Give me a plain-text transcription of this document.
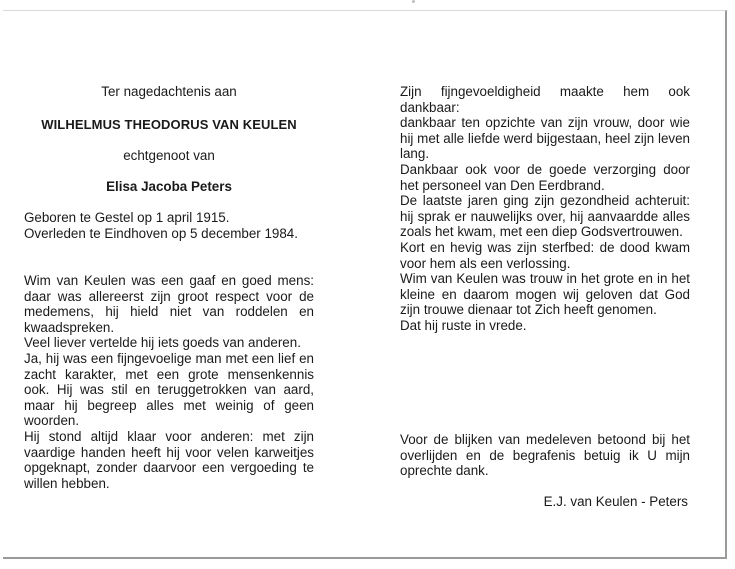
Ter nagedachtenis aan
WILHELMUS THEODORUS VAN KEULEN
echtgenoot van
Elisa Jacoba Peters

Geboren te Gestel op 1 april 1915.

Overleden te Eindhoven op 5 december 1984.

Wim van Keulen was een gaaf en goed mens: daar was allereerst zijn groot respect voor de medemens, hij hield niet van roddelen en kwaadspreken.

Veel liever vertelde hij iets goeds van anderen.

Ja, hij was een fijngevoelige man met een lief en zacht karakter, met een grote mensenkennis ook. Hij was stil en teruggetrokken van aard, maar hij begreep alles met weinig of geen woorden.

Hij stond altijd klaar voor anderen: met zijn vaardige handen heeft hij voor velen karweitjes opgeknapt, zonder daarvoor een vergoeding te willen hebben.

Zijn fijngevoeldigheid maakte hem ook dankbaar:

dankbaar ten opzichte van zijn vrouw, door wie hij met alle liefde werd bijgestaan, heel zijn leven lang.

Dankbaar ook voor de goede verzorging door het personeel van Den Eerdbrand.

De laatste jaren ging zijn gezondheid achteruit: hij sprak er nauwelijks over, hij aanvaardde alles zoals het kwam, met een diep Godsvertrouwen.

Kort en hevig was zijn sterfbed: de dood kwam voor hem als een verlossing.

Wim van Keulen was trouw in het grote en in het kleine en daarom mogen wij geloven dat God zijn trouwe dienaar tot Zich heeft genomen.

Dat hij ruste in vrede.

Voor de blijken van medeleven betoond bij het overlijden en de begrafenis betuig ik U mijn oprechte dank.
E.J. van Keulen - Peters
